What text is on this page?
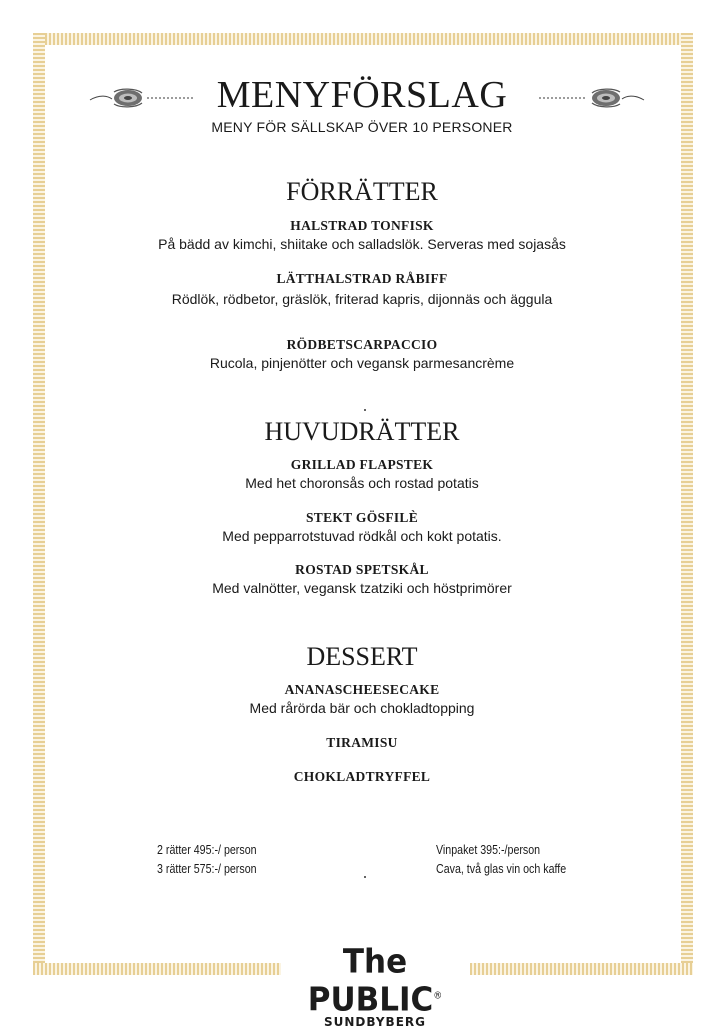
MENYFÖRSLAG
MENY FÖR SÄLLSKAP ÖVER 10 PERSONER
FÖRRÄTTER
HALSTRAD TONFISK
På bädd av kimchi, shiitake och salladslök. Serveras med sojasås
LÄTTHALSTRAD RÅBIFF
Rödlök, rödbetor, gräslök, friterad kapris, dijonnäs och äggula
RÖDBETSCARPACCIO
Rucola, pinjenötter och vegansk parmesancrème
HUVUDRÄTTER
GRILLAD FLAPSTEK
Med het choronsås och rostad potatis
STEKT GÖSFILÈ
Med pepparrotstuvad rödkål och kokt potatis.
ROSTAD SPETSKÅL
Med valnötter, vegansk tzatziki och höstprimörer
DESSERT
ANANASCHEESECAKE
Med rårörda bär och chokladtopping
TIRAMISU
CHOKLADTRYFFEL
2 rätter 495:-/ person
3 rätter 575:-/ person
Vinpaket 395:-/person
Cava, två glas vin och kaffe
The PUBLIC®
SUNDBYBERG
